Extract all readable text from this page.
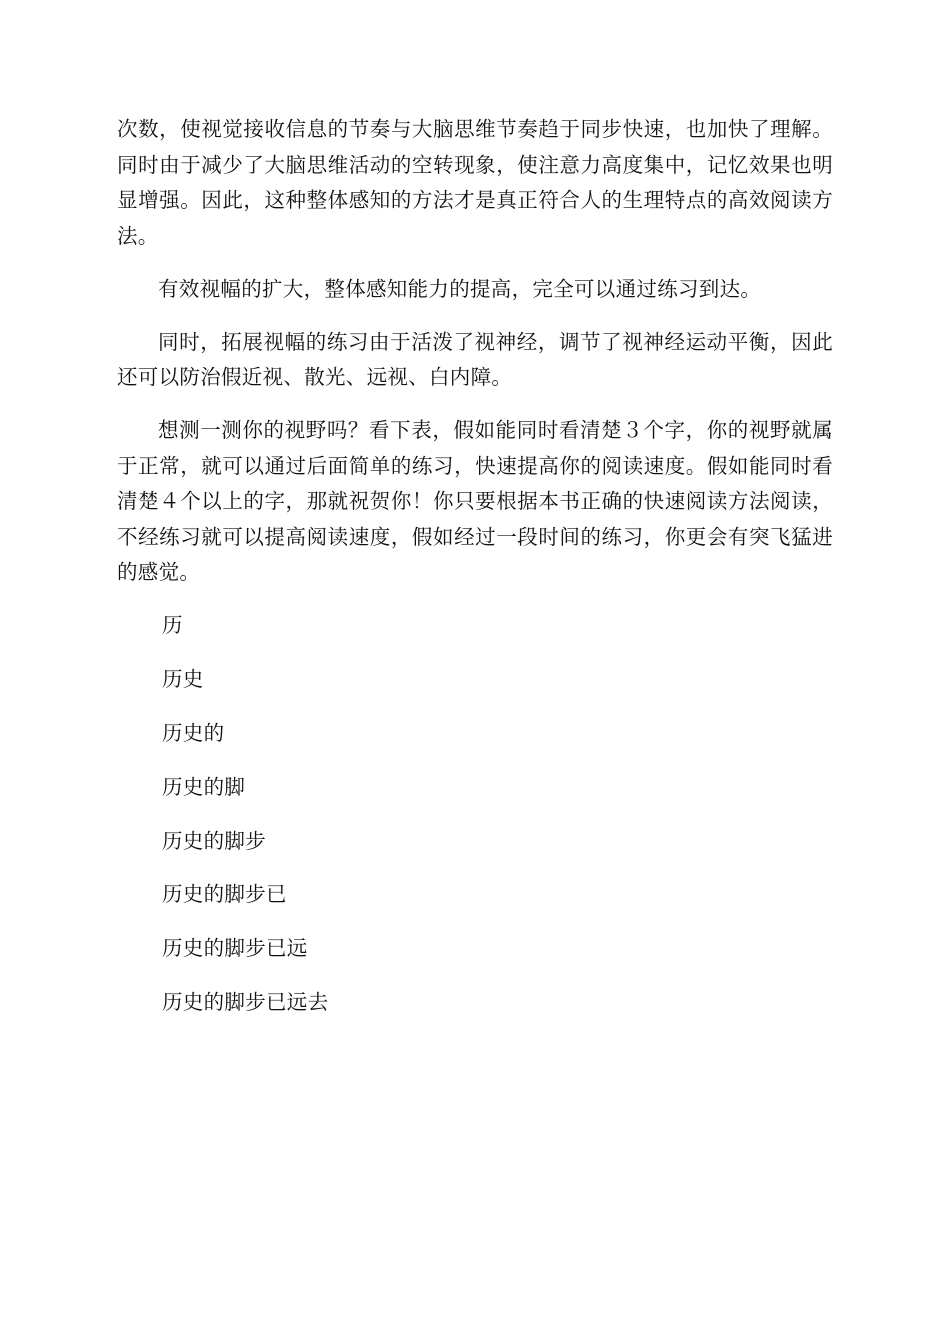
次数，使视觉接收信息的节奏与大脑思维节奏趋于同步快速，也加快了理解。同时由于减少了大脑思维活动的空转现象，使注意力高度集中，记忆效果也明显增强。因此，这种整体感知的方法才是真正符合人的生理特点的高效阅读方法。

有效视幅的扩大，整体感知能力的提高，完全可以通过练习到达。

同时，拓展视幅的练习由于活泼了视神经，调节了视神经运动平衡，因此还可以防治假近视、散光、远视、白内障。

想测一测你的视野吗？看下表，假如能同时看清楚３个字，你的视野就属于正常，就可以通过后面简单的练习，快速提高你的阅读速度。假如能同时看清楚４个以上的字，那就祝贺你！你只要根据本书正确的快速阅读方法阅读，不经练习就可以提高阅读速度，假如经过一段时间的练习，你更会有突飞猛进的感觉。

历

历史

历史的

历史的脚

历史的脚步

历史的脚步已

历史的脚步已远

历史的脚步已远去
